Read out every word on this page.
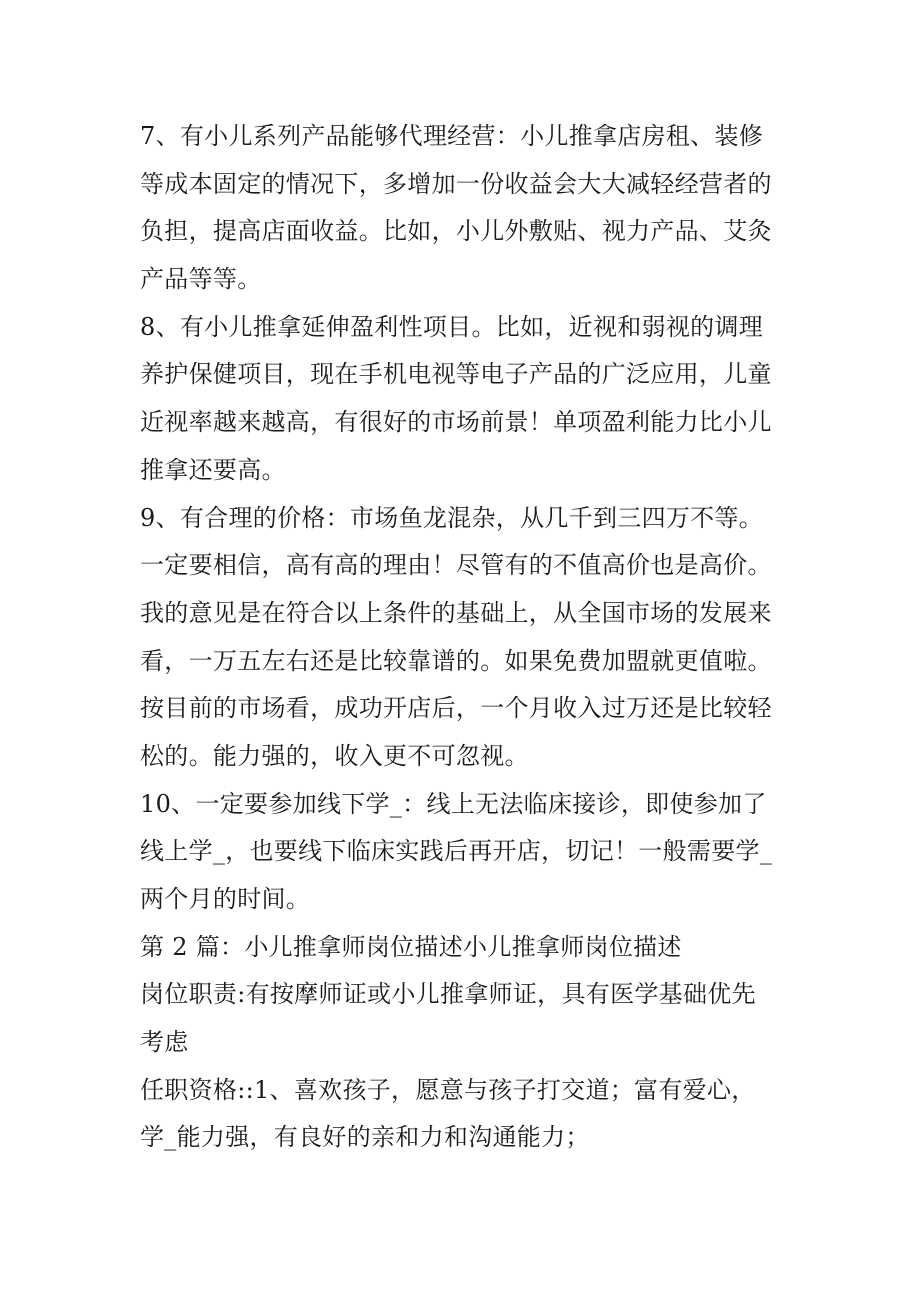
7、有小儿系列产品能够代理经营：小儿推拿店房租、装修
等成本固定的情况下，多增加一份收益会大大减轻经营者的
负担，提高店面收益。比如，小儿外敷贴、视力产品、艾灸
产品等等。
8、有小儿推拿延伸盈利性项目。比如，近视和弱视的调理
养护保健项目，现在手机电视等电子产品的广泛应用，儿童
近视率越来越高，有很好的市场前景！单项盈利能力比小儿
推拿还要高。
9、有合理的价格：市场鱼龙混杂，从几千到三四万不等。
一定要相信，高有高的理由！尽管有的不值高价也是高价。
我的意见是在符合以上条件的基础上，从全国市场的发展来
看，一万五左右还是比较靠谱的。如果免费加盟就更值啦。
按目前的市场看，成功开店后，一个月收入过万还是比较轻
松的。能力强的，收入更不可忽视。
10、一定要参加线下学_：线上无法临床接诊，即使参加了
线上学_，也要线下临床实践后再开店，切记！一般需要学_
两个月的时间。
第 2 篇：小儿推拿师岗位描述小儿推拿师岗位描述
岗位职责:有按摩师证或小儿推拿师证，具有医学基础优先
考虑
任职资格::1、喜欢孩子，愿意与孩子打交道；富有爱心，
学_能力强，有良好的亲和力和沟通能力；
